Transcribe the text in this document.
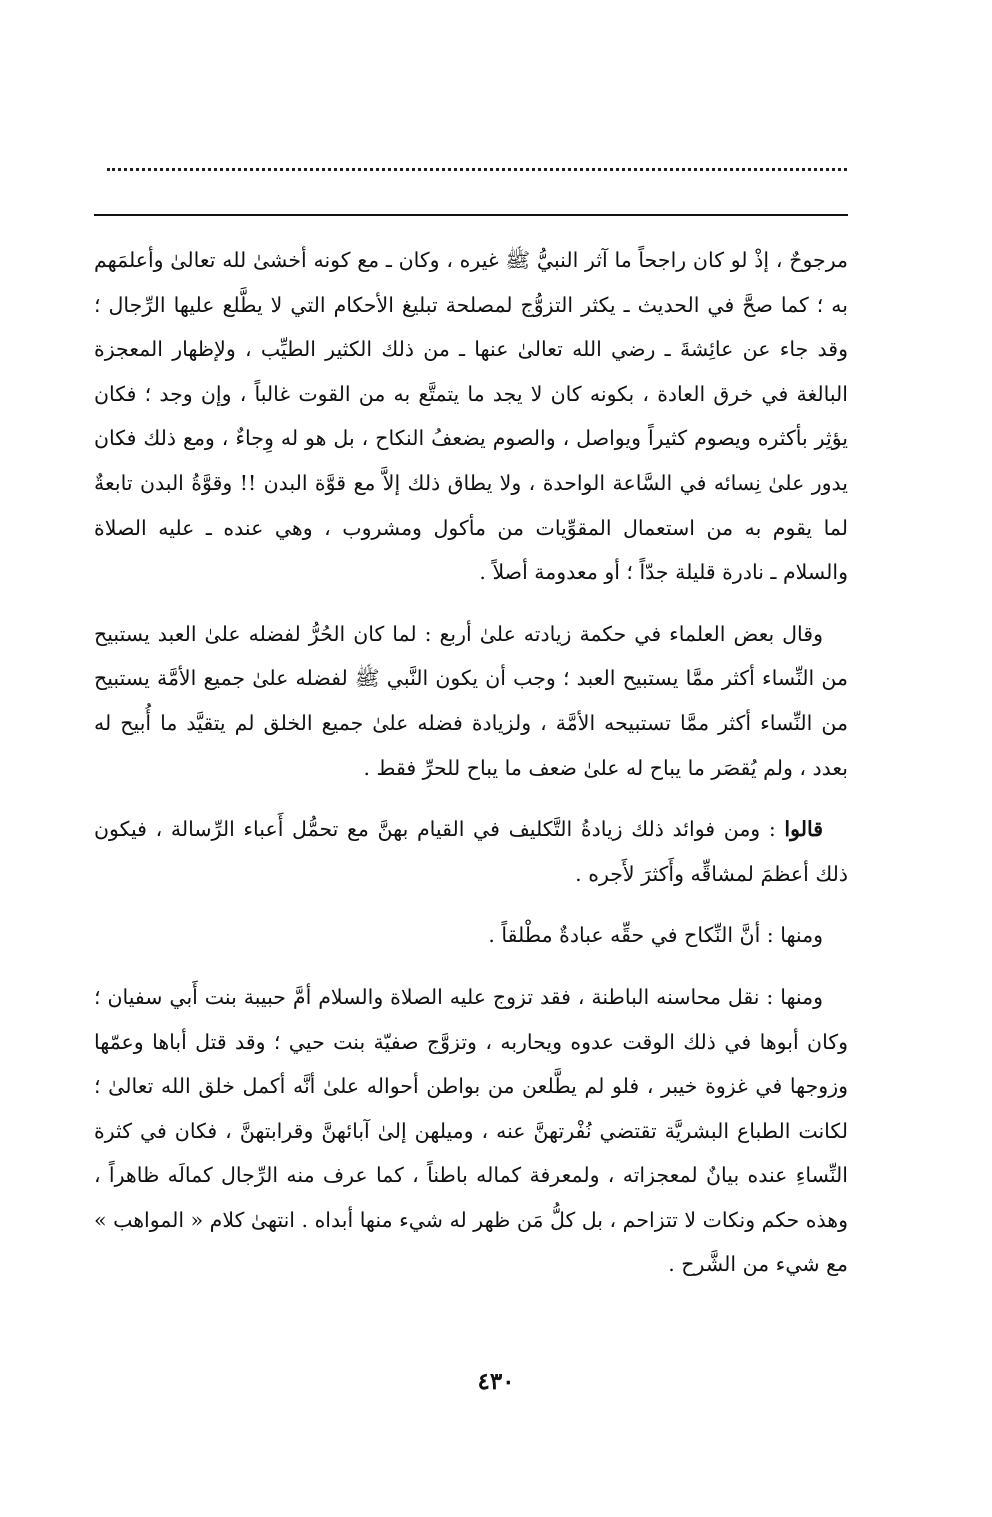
مرجوحٌ ، إذْ لو كان راجحاً ما آثر النبيُّ ﷺ غيره ، وكان ـ مع كونه أخشىٰ لله تعالىٰ وأعلمَهم به ؛ كما صحَّ في الحديث ـ يكثر التزوُّج لمصلحة تبليغ الأحكام التي لا يطَّلع عليها الرِّجال ؛ وقد جاء عن عائِشةَ ـ رضي الله تعالىٰ عنها ـ من ذلك الكثير الطيِّب ، ولإظهار المعجزة البالغة في خرق العادة ، بكونه كان لا يجد ما يتمتَّع به من القوت غالباً ، وإن وجد ؛ فكان يؤثِر بأكثره ويصوم كثيراً ويواصل ، والصوم يضعفُ النكاح ، بل هو له وِجاءٌ ، ومع ذلك فكان يدور علىٰ نِسائه في السَّاعة الواحدة ، ولا يطاق ذلك إلاَّ مع قوَّة البدن !! وقوَّةُ البدن تابعةٌ لما يقوم به من استعمال المقوِّيات من مأكول ومشروب ، وهي عنده ـ عليه الصلاة والسلام ـ نادرة قليلة جدّاً ؛ أو معدومة أصلاً .

وقال بعض العلماء في حكمة زيادته علىٰ أربع : لما كان الحُرُّ لفضله علىٰ العبد يستبيح من النِّساء أكثر ممَّا يستبيح العبد ؛ وجب أن يكون النَّبي ﷺ لفضله علىٰ جميع الأمَّة يستبيح من النِّساء أكثر ممَّا تستبيحه الأمَّة ، ولزيادة فضله علىٰ جميع الخلق لم يتقيَّد ما أُبيح له بعدد ، ولم يُقصَر ما يباح له علىٰ ضعف ما يباح للحرِّ فقط .

قالوا : ومن فوائد ذلك زيادةُ التَّكليف في القيام بهنَّ مع تحمُّل أَعباء الرِّسالة ، فيكون ذلك أعظمَ لمشاقِّه وأَكثرَ لأَجره .

ومنها : أنَّ النِّكاح في حقِّه عبادةٌ مطْلقاً .

ومنها : نقل محاسنه الباطنة ، فقد تزوج عليه الصلاة والسلام أمَّ حبيبة بنت أَبي سفيان ؛ وكان أبوها في ذلك الوقت عدوه ويحاربه ، وتزوَّج صفيّة بنت حيي ؛ وقد قتل أباها وعمّها وزوجها في غزوة خيبر ، فلو لم يطَّلعن من بواطن أحواله علىٰ أنَّه أكمل خلق الله تعالىٰ ؛ لكانت الطباع البشريَّة تقتضي نُفْرتهنَّ عنه ، وميلهن إلىٰ آبائهنَّ وقرابتهنَّ ، فكان في كثرة النِّساءِ عنده بيانٌ لمعجزاته ، ولمعرفة كماله باطناً ، كما عرف منه الرِّجال كمالَه ظاهراً ، وهذه حكم ونكات لا تتزاحم ، بل كلُّ مَن ظهر له شيء منها أبداه . انتهىٰ كلام « المواهب » مع شيء من الشَّرح .

٤٣٠
